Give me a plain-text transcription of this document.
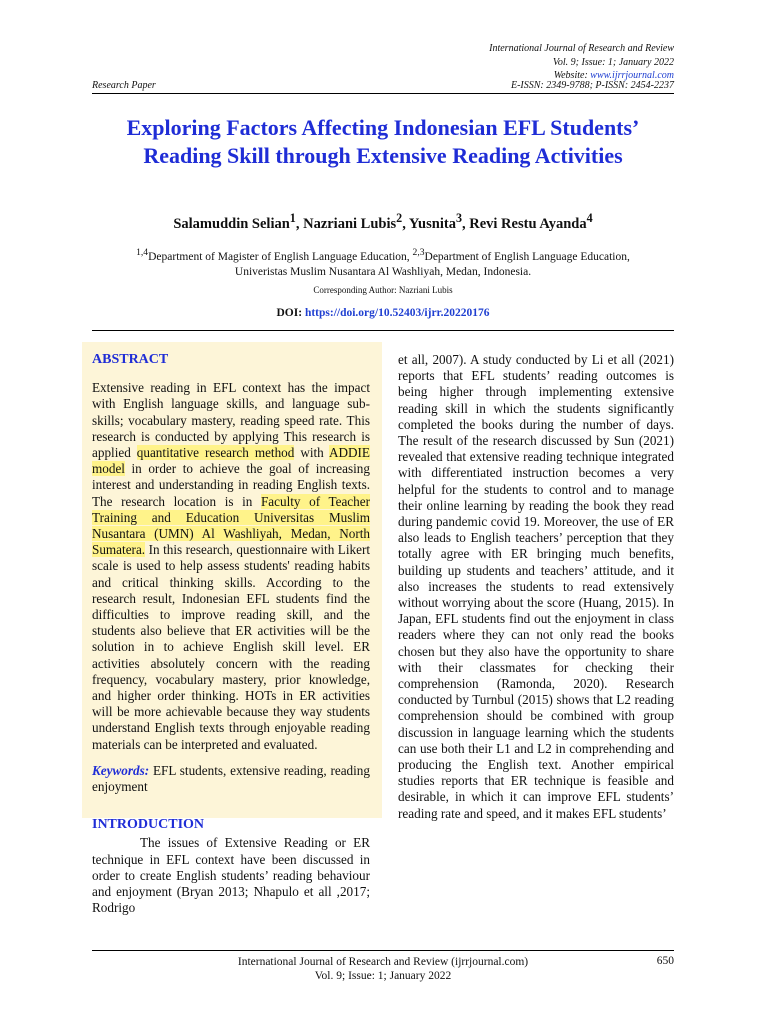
International Journal of Research and Review
Vol. 9; Issue: 1; January 2022
Website: www.ijrrjournal.com
Research Paper	E-ISSN: 2349-9788; P-ISSN: 2454-2237
Exploring Factors Affecting Indonesian EFL Students’ Reading Skill through Extensive Reading Activities
Salamuddin Selian$^1$, Nazriani Lubis$^2$, Yusnita$^3$, Revi Restu Ayanda$^4$
$^{1,4}$Department of Magister of English Language Education, $^{2,3}$Department of English Language Education,
Univeristas Muslim Nusantara Al Washliyah, Medan, Indonesia.
Corresponding Author: Nazriani Lubis
DOI: https://doi.org/10.52403/ijrr.20220176
ABSTRACT

Extensive reading in EFL context has the impact with English language skills, and language sub-skills; vocabulary mastery, reading speed rate. This research is conducted by applying This research is applied quantitative research method with ADDIE model in order to achieve the goal of increasing interest and understanding in reading English texts. The research location is in Faculty of Teacher Training and Education Universitas Muslim Nusantara (UMN) Al Washliyah, Medan, North Sumatera. In this research, questionnaire with Likert scale is used to help assess students' reading habits and critical thinking skills. According to the research result, Indonesian EFL students find the difficulties to improve reading skill, and the students also believe that ER activities will be the solution in to achieve English skill level. ER activities absolutely concern with the reading frequency, vocabulary mastery, prior knowledge, and higher order thinking. HOTs in ER activities will be more achievable because they way students understand English texts through enjoyable reading materials can be interpreted and evaluated.

Keywords: EFL students, extensive reading, reading enjoyment

INTRODUCTION

The issues of Extensive Reading or ER technique in EFL context have been discussed in order to create English students’ reading behaviour and enjoyment (Bryan 2013; Nhapulo et all ,2017; Rodrigo

et all, 2007). A study conducted by Li et all (2021) reports that EFL students’ reading outcomes is being higher through implementing extensive reading skill in which the students significantly completed the books during the number of days. The result of the research discussed by Sun (2021) revealed that extensive reading technique integrated with differentiated instruction becomes a very helpful for the students to control and to manage their online learning by reading the book they read during pandemic covid 19. Moreover, the use of ER also leads to English teachers’ perception that they totally agree with ER bringing much benefits, building up students and teachers’ attitude, and it also increases the students to read extensively without worrying about the score (Huang, 2015). In Japan, EFL students find out the enjoyment in class readers where they can not only read the books chosen but they also have the opportunity to share with their classmates for checking their comprehension (Ramonda, 2020). Research conducted by Turnbul (2015) shows that L2 reading comprehension should be combined with group discussion in language learning which the students can use both their L1 and L2 in comprehending and producing the English text. Another empirical studies reports that ER technique is feasible and desirable, in which it can improve EFL students’ reading rate and speed, and it makes EFL students’

International Journal of Research and Review (ijrrjournal.com)
Vol. 9; Issue: 1; January 2022
650
